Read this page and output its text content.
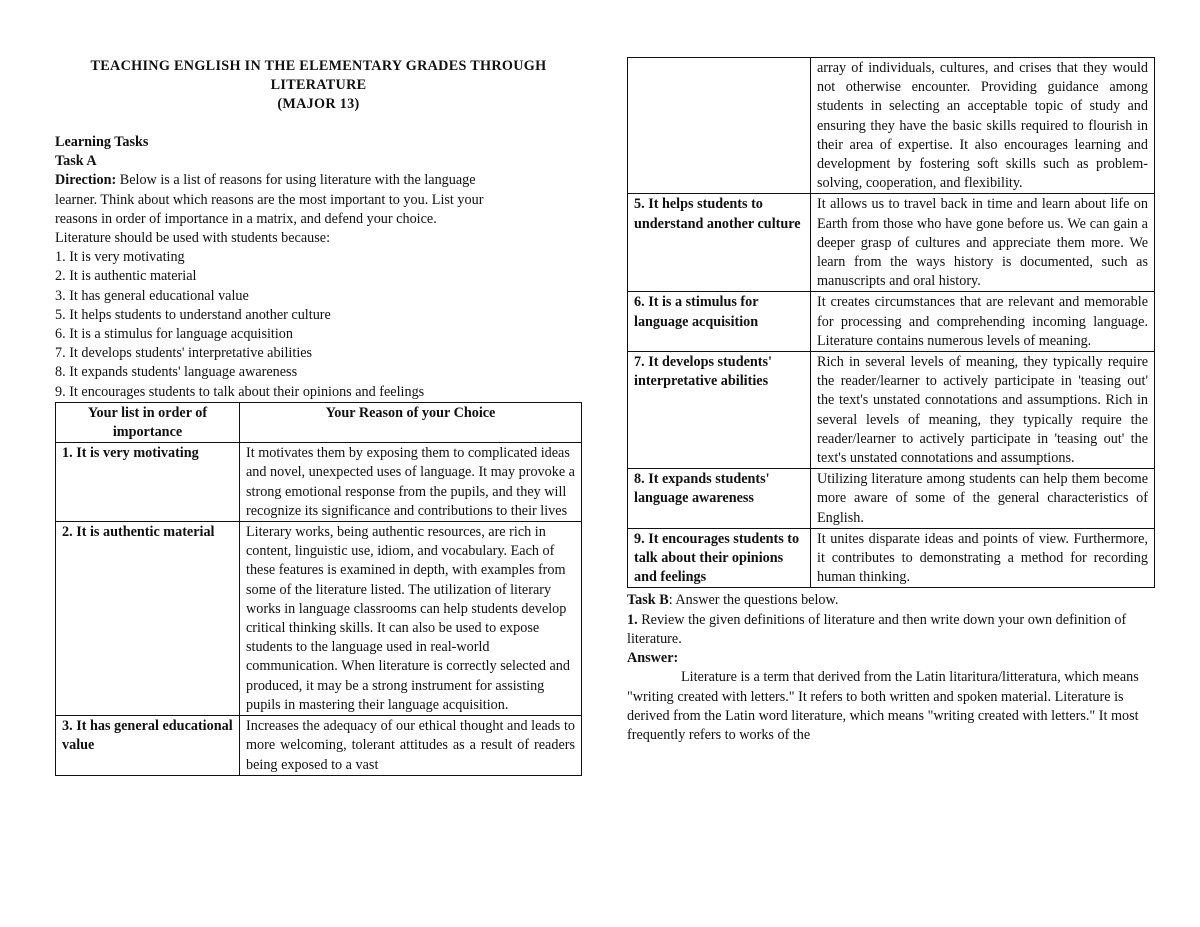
TEACHING ENGLISH IN THE ELEMENTARY GRADES THROUGH
LITERATURE
(MAJOR 13)
Learning Tasks
Task A
Direction: Below is a list of reasons for using literature with the language
learner. Think about which reasons are the most important to you. List your
reasons in order of importance in a matrix, and defend your choice.
Literature should be used with students because:
1. It is very motivating
2. It is authentic material
3. It has general educational value
5. It helps students to understand another culture
6. It is a stimulus for language acquisition
7. It develops students' interpretative abilities
8. It expands students' language awareness
9. It encourages students to talk about their opinions and feelings
Your list in order of importance	Your Reason of your Choice
1. It is very motivating	It motivates them by exposing them to complicated ideas and novel, unexpected uses of language. It may provoke a strong emotional response from the pupils, and they will recognize its significance and contributions to their lives
2. It is authentic material	Literary works, being authentic resources, are rich in content, linguistic use, idiom, and vocabulary. Each of these features is examined in depth, with examples from some of the literature listed. The utilization of literary works in language classrooms can help students develop critical thinking skills. It can also be used to expose students to the language used in real-world communication. When literature is correctly selected and produced, it may be a strong instrument for assisting pupils in mastering their language acquisition.
3. It has general educational value	Increases the adequacy of our ethical thought and leads to more welcoming, tolerant attitudes as a result of readers being exposed to a vast
	array of individuals, cultures, and crises that they would not otherwise encounter. Providing guidance among students in selecting an acceptable topic of study and ensuring they have the basic skills required to flourish in their area of expertise. It also encourages learning and development by fostering soft skills such as problem-solving, cooperation, and flexibility.
5. It helps students to understand another culture	It allows us to travel back in time and learn about life on Earth from those who have gone before us. We can gain a deeper grasp of cultures and appreciate them more. We learn from the ways history is documented, such as manuscripts and oral history.
6. It is a stimulus for language acquisition	It creates circumstances that are relevant and memorable for processing and comprehending incoming language. Literature contains numerous levels of meaning.
7. It develops students' interpretative abilities	Rich in several levels of meaning, they typically require the reader/learner to actively participate in 'teasing out' the text's unstated connotations and assumptions. Rich in several levels of meaning, they typically require the reader/learner to actively participate in 'teasing out' the text's unstated connotations and assumptions.
8. It expands students' language awareness	Utilizing literature among students can help them become more aware of some of the general characteristics of English.
9. It encourages students to talk about their opinions and feelings	It unites disparate ideas and points of view. Furthermore, it contributes to demonstrating a method for recording human thinking.
Task B: Answer the questions below.
1. Review the given definitions of literature and then write down your own definition of literature.
Answer:
Literature is a term that derived from the Latin litaritura/litteratura, which means "writing created with letters." It refers to both written and spoken material. Literature is derived from the Latin word literature, which means "writing created with letters." It most frequently refers to works of the
